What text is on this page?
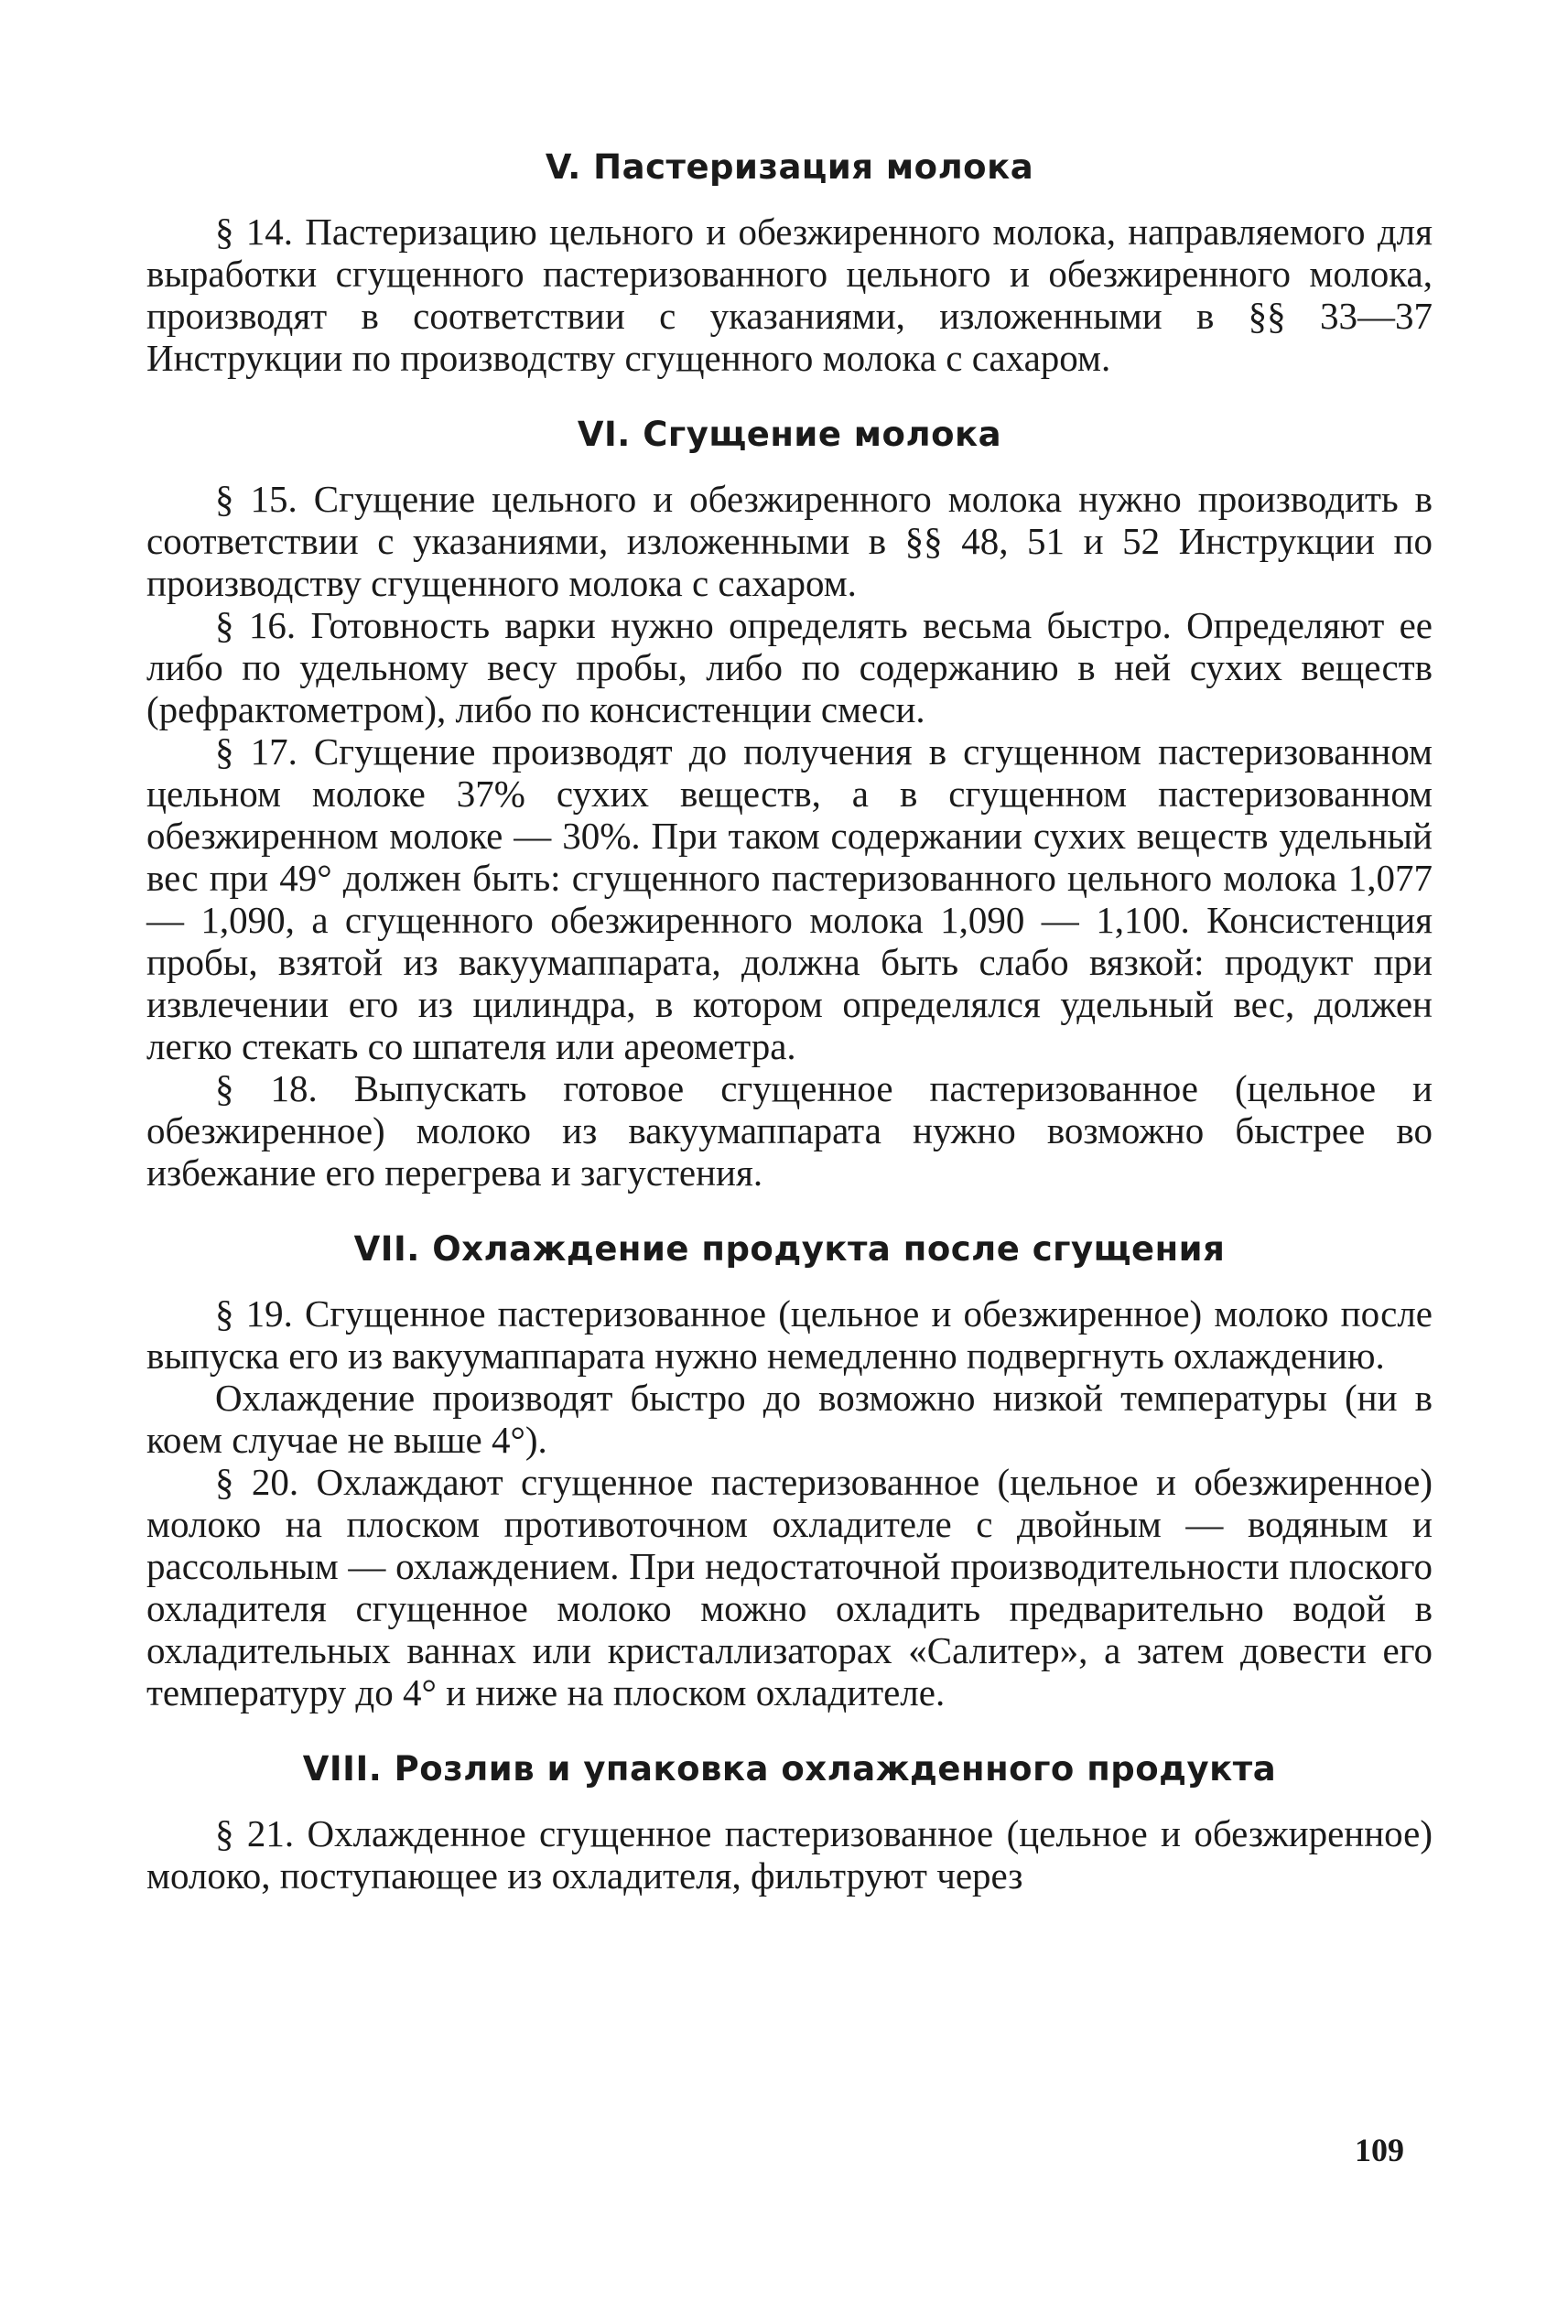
V. Пастеризация молока

§ 14. Пастеризацию цельного и обезжиренного молока, направляемого для выработки сгущенного пастеризованного цельного и обезжиренного молока, производят в соответствии с указаниями, изложенными в §§ 33—37 Инструкции по производству сгущенного молока с сахаром.

VI. Сгущение молока

§ 15. Сгущение цельного и обезжиренного молока нужно производить в соответствии с указаниями, изложенными в §§ 48, 51 и 52 Инструкции по производству сгущенного молока с сахаром.

§ 16. Готовность варки нужно определять весьма быстро. Определяют ее либо по удельному весу пробы, либо по содержанию в ней сухих веществ (рефрактометром), либо по консистенции смеси.

§ 17. Сгущение производят до получения в сгущенном пастеризованном цельном молоке 37% сухих веществ, а в сгущенном пастеризованном обезжиренном молоке — 30%. При таком содержании сухих веществ удельный вес при 49° должен быть: сгущенного пастеризованного цельного молока 1,077 — 1,090, а сгущенного обезжиренного молока 1,090 — 1,100. Консистенция пробы, взятой из вакуумаппарата, должна быть слабо вязкой: продукт при извлечении его из цилиндра, в котором определялся удельный вес, должен легко стекать со шпателя или ареометра.

§ 18. Выпускать готовое сгущенное пастеризованное (цельное и обезжиренное) молоко из вакуумаппарата нужно возможно быстрее во избежание его перегрева и загустения.

VII. Охлаждение продукта после сгущения

§ 19. Сгущенное пастеризованное (цельное и обезжиренное) молоко после выпуска его из вакуумаппарата нужно немедленно подвергнуть охлаждению.

Охлаждение производят быстро до возможно низкой температуры (ни в коем случае не выше 4°).

§ 20. Охлаждают сгущенное пастеризованное (цельное и обезжиренное) молоко на плоском противоточном охладителе с двойным — водяным и рассольным — охлаждением. При недостаточной производительности плоского охладителя сгущенное молоко можно охладить предварительно водой в охладительных ваннах или кристаллизаторах «Салитер», а затем довести его температуру до 4° и ниже на плоском охладителе.

VIII. Розлив и упаковка охлажденного продукта

§ 21. Охлажденное сгущенное пастеризованное (цельное и обезжиренное) молоко, поступающее из охладителя, фильтруют через

109
